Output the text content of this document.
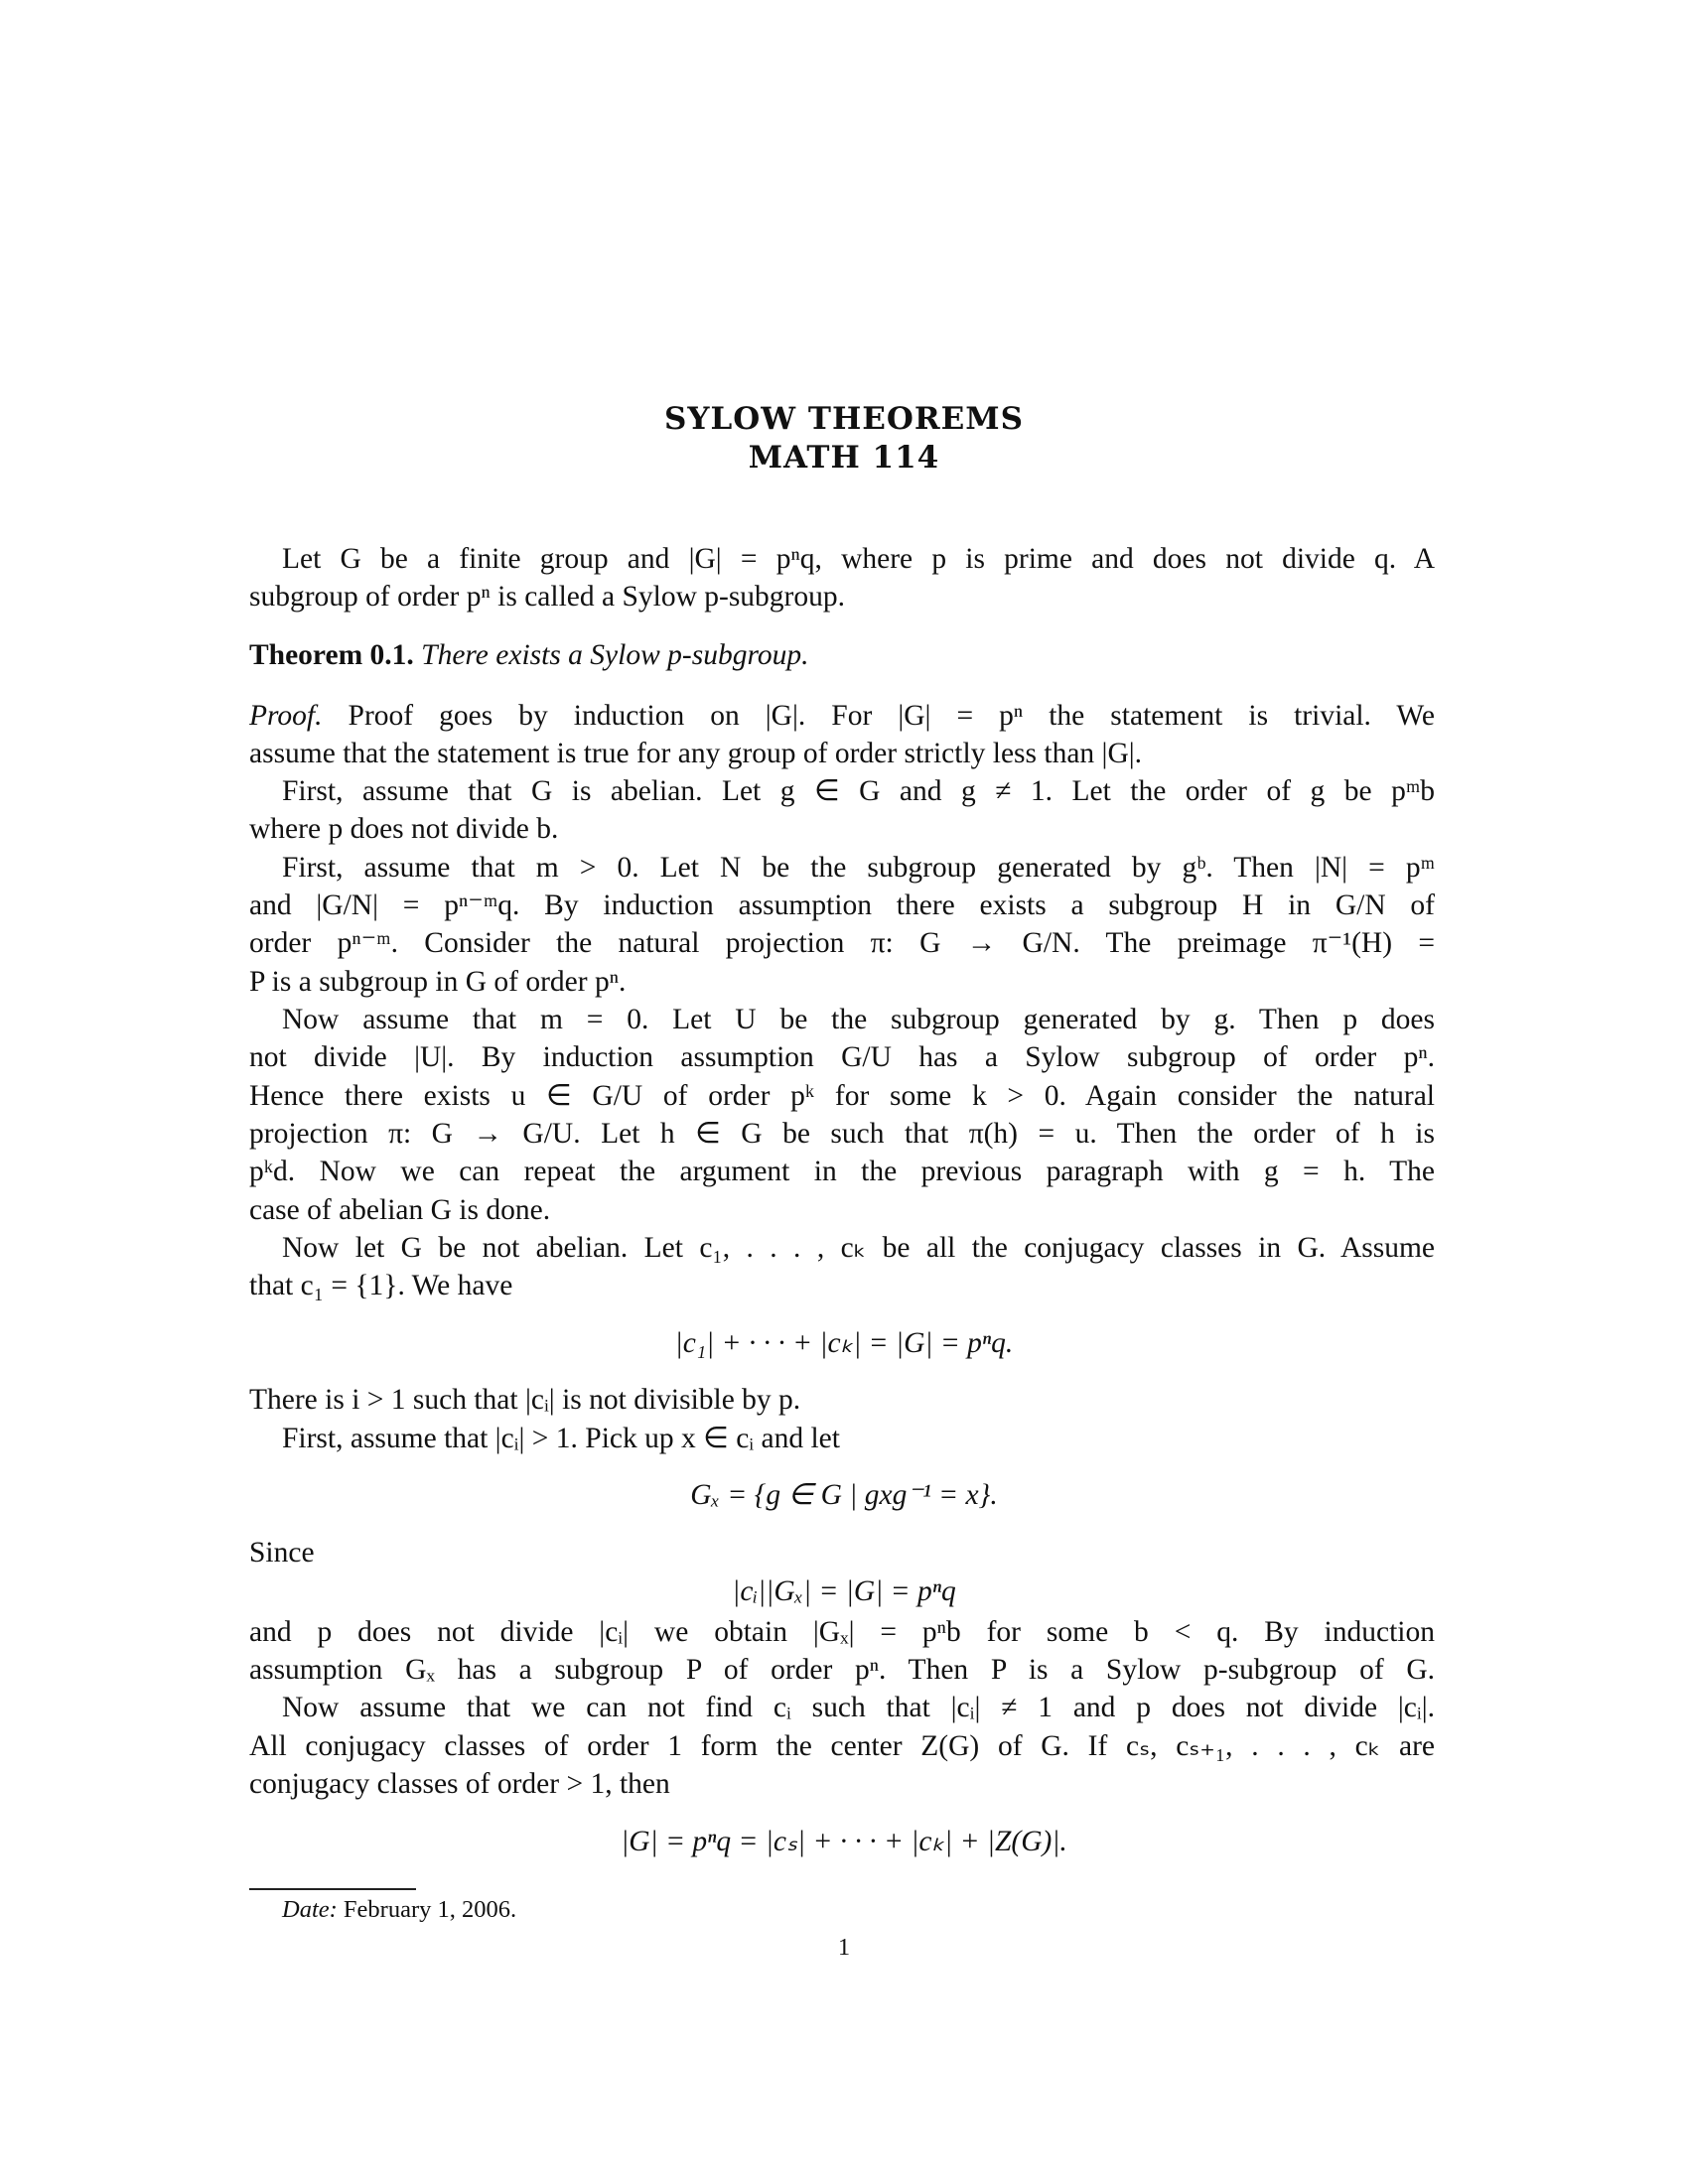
SYLOW THEOREMS
MATH 114
Let G be a finite group and |G| = pⁿq, where p is prime and does not divide q. A
subgroup of order pⁿ is called a Sylow p-subgroup.
Theorem 0.1. There exists a Sylow p-subgroup.
Proof. Proof goes by induction on |G|. For |G| = pⁿ the statement is trivial. We
assume that the statement is true for any group of order strictly less than |G|.
First, assume that G is abelian. Let g ∈ G and g ≠ 1. Let the order of g be pᵐb
where p does not divide b.
First, assume that m > 0. Let N be the subgroup generated by gᵇ. Then |N| = pᵐ
and |G/N| = pⁿ⁻ᵐq. By induction assumption there exists a subgroup H in G/N of
order pⁿ⁻ᵐ. Consider the natural projection π: G → G/N. The preimage π⁻¹(H) =
P is a subgroup in G of order pⁿ.
Now assume that m = 0. Let U be the subgroup generated by g. Then p does
not divide |U|. By induction assumption G/U has a Sylow subgroup of order pⁿ.
Hence there exists u ∈ G/U of order pᵏ for some k > 0. Again consider the natural
projection π: G → G/U. Let h ∈ G be such that π(h) = u. Then the order of h is
pᵏd. Now we can repeat the argument in the previous paragraph with g = h. The
case of abelian G is done.
Now let G be not abelian. Let c₁, . . . , cₖ be all the conjugacy classes in G. Assume
that c₁ = {1}. We have
|c₁| + · · · + |cₖ| = |G| = pⁿq.
There is i > 1 such that |cᵢ| is not divisible by p.
First, assume that |cᵢ| > 1. Pick up x ∈ cᵢ and let
Gₓ = {g ∈ G | gxg⁻¹ = x}.
Since
|cᵢ||Gₓ| = |G| = pⁿq
and p does not divide |cᵢ| we obtain |Gₓ| = pⁿb for some b < q. By induction
assumption Gₓ has a subgroup P of order pⁿ. Then P is a Sylow p-subgroup of G.
Now assume that we can not find cᵢ such that |cᵢ| ≠ 1 and p does not divide |cᵢ|.
All conjugacy classes of order 1 form the center Z(G) of G. If cₛ, cₛ₊₁, . . . , cₖ are
conjugacy classes of order > 1, then
|G| = pⁿq = |cₛ| + · · · + |cₖ| + |Z(G)|.
Date: February 1, 2006.
1
